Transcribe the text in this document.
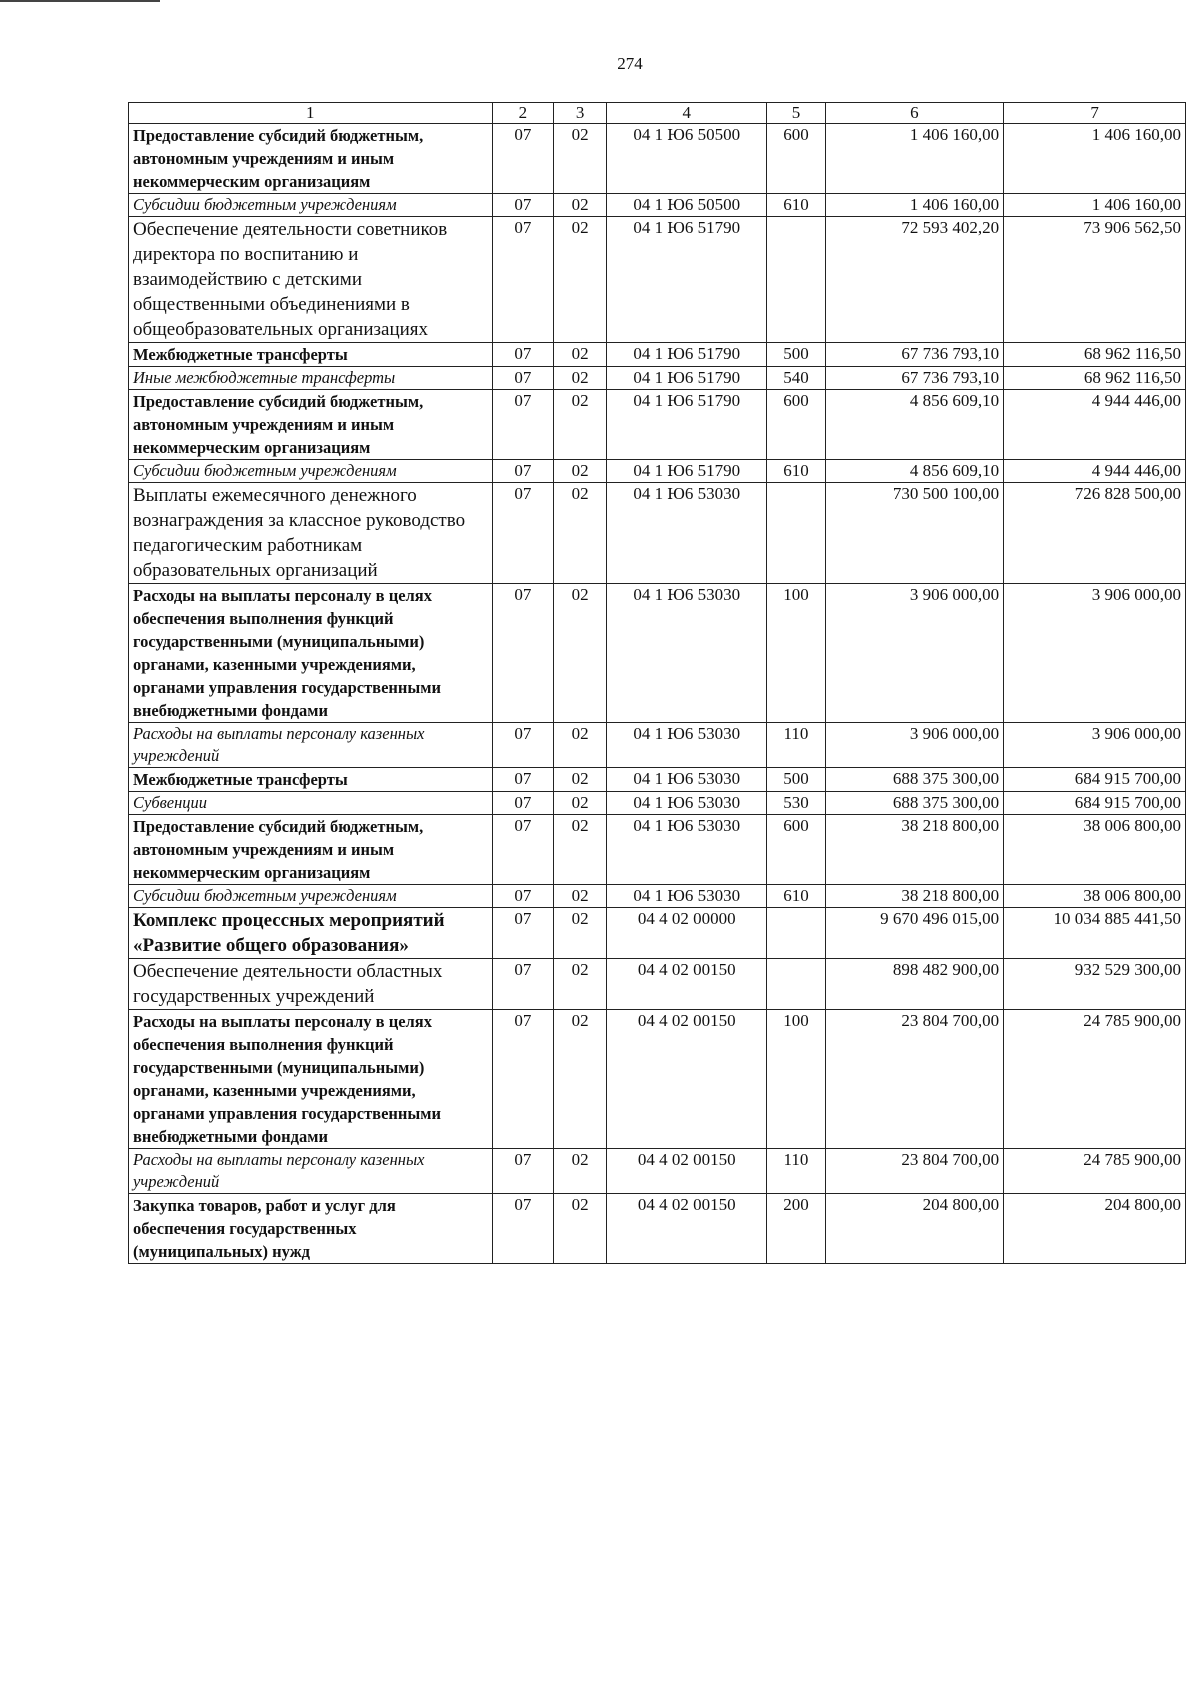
274
1	2	3	4	5	6	7
Предоставление субсидий бюджетным, автономным учреждениям и иным некоммерческим организациям	07	02	04 1 Ю6 50500	600	1 406 160,00	1 406 160,00
Субсидии бюджетным учреждениям	07	02	04 1 Ю6 50500	610	1 406 160,00	1 406 160,00
Обеспечение деятельности советников директора по воспитанию и взаимодействию с детскими общественными объединениями в общеобразовательных организациях	07	02	04 1 Ю6 51790		72 593 402,20	73 906 562,50
Межбюджетные трансферты	07	02	04 1 Ю6 51790	500	67 736 793,10	68 962 116,50
Иные межбюджетные трансферты	07	02	04 1 Ю6 51790	540	67 736 793,10	68 962 116,50
Предоставление субсидий бюджетным, автономным учреждениям и иным некоммерческим организациям	07	02	04 1 Ю6 51790	600	4 856 609,10	4 944 446,00
Субсидии бюджетным учреждениям	07	02	04 1 Ю6 51790	610	4 856 609,10	4 944 446,00
Выплаты ежемесячного денежного вознаграждения за классное руководство педагогическим работникам образовательных организаций	07	02	04 1 Ю6 53030		730 500 100,00	726 828 500,00
Расходы на выплаты персоналу в целях обеспечения выполнения функций государственными (муниципальными) органами, казенными учреждениями, органами управления государственными внебюджетными фондами	07	02	04 1 Ю6 53030	100	3 906 000,00	3 906 000,00
Расходы на выплаты персоналу казенных учреждений	07	02	04 1 Ю6 53030	110	3 906 000,00	3 906 000,00
Межбюджетные трансферты	07	02	04 1 Ю6 53030	500	688 375 300,00	684 915 700,00
Субвенции	07	02	04 1 Ю6 53030	530	688 375 300,00	684 915 700,00
Предоставление субсидий бюджетным, автономным учреждениям и иным некоммерческим организациям	07	02	04 1 Ю6 53030	600	38 218 800,00	38 006 800,00
Субсидии бюджетным учреждениям	07	02	04 1 Ю6 53030	610	38 218 800,00	38 006 800,00
Комплекс процессных мероприятий «Развитие общего образования»	07	02	04 4 02 00000		9 670 496 015,00	10 034 885 441,50
Обеспечение деятельности областных государственных учреждений	07	02	04 4 02 00150		898 482 900,00	932 529 300,00
Расходы на выплаты персоналу в целях обеспечения выполнения функций государственными (муниципальными) органами, казенными учреждениями, органами управления государственными внебюджетными фондами	07	02	04 4 02 00150	100	23 804 700,00	24 785 900,00
Расходы на выплаты персоналу казенных учреждений	07	02	04 4 02 00150	110	23 804 700,00	24 785 900,00
Закупка товаров, работ и услуг для обеспечения государственных (муниципальных) нужд	07	02	04 4 02 00150	200	204 800,00	204 800,00
